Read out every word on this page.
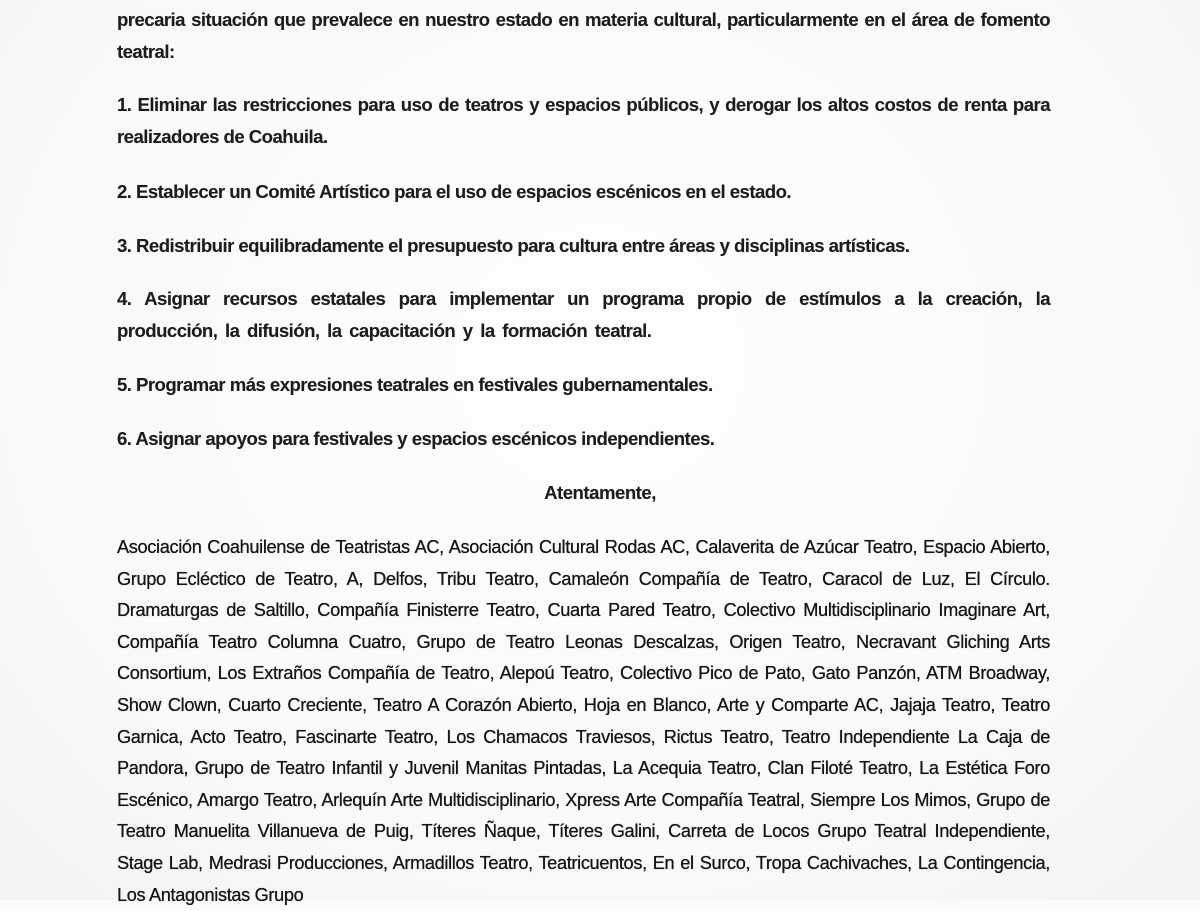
precaria situación que prevalece en nuestro estado en materia cultural, particularmente en el área de fomento teatral:

1. Eliminar las restricciones para uso de teatros y espacios públicos, y derogar los altos costos de renta para realizadores de Coahuila.

2. Establecer un Comité Artístico para el uso de espacios escénicos en el estado.

3. Redistribuir equilibradamente el presupuesto para cultura entre áreas y disciplinas artísticas.

4. Asignar recursos estatales para implementar un programa propio de estímulos a la creación, la producción, la difusión, la capacitación y la formación teatral.

5. Programar más expresiones teatrales en festivales gubernamentales.

6. Asignar apoyos para festivales y espacios escénicos independientes.

Atentamente,

Asociación Coahuilense de Teatristas AC, Asociación Cultural Rodas AC, Calaverita de Azúcar Teatro, Espacio Abierto, Grupo Ecléctico de Teatro, A, Delfos, Tribu Teatro, Camaleón Compañía de Teatro, Caracol de Luz, El Círculo. Dramaturgas de Saltillo, Compañía Finisterre Teatro, Cuarta Pared Teatro, Colectivo Multidisciplinario Imaginare Art, Compañía Teatro Columna Cuatro, Grupo de Teatro Leonas Descalzas, Origen Teatro, Necravant Gliching Arts Consortium, Los Extraños Compañía de Teatro, Alepoú Teatro, Colectivo Pico de Pato, Gato Panzón, ATM Broadway, Show Clown, Cuarto Creciente, Teatro A Corazón Abierto, Hoja en Blanco, Arte y Comparte AC, Jajaja Teatro, Teatro Garnica, Acto Teatro, Fascinarte Teatro, Los Chamacos Traviesos, Rictus Teatro, Teatro Independiente La Caja de Pandora, Grupo de Teatro Infantil y Juvenil Manitas Pintadas, La Acequia Teatro, Clan Filoté Teatro, La Estética Foro Escénico, Amargo Teatro, Arlequín Arte Multidisciplinario, Xpress Arte Compañía Teatral, Siempre Los Mimos, Grupo de Teatro Manuelita Villanueva de Puig, Títeres Ñaque, Títeres Galini, Carreta de Locos Grupo Teatral Independiente, Stage Lab, Medrasi Producciones, Armadillos Teatro, Teatricuentos, En el Surco, Tropa Cachivaches, La Contingencia, Los Antagonistas Grupo
